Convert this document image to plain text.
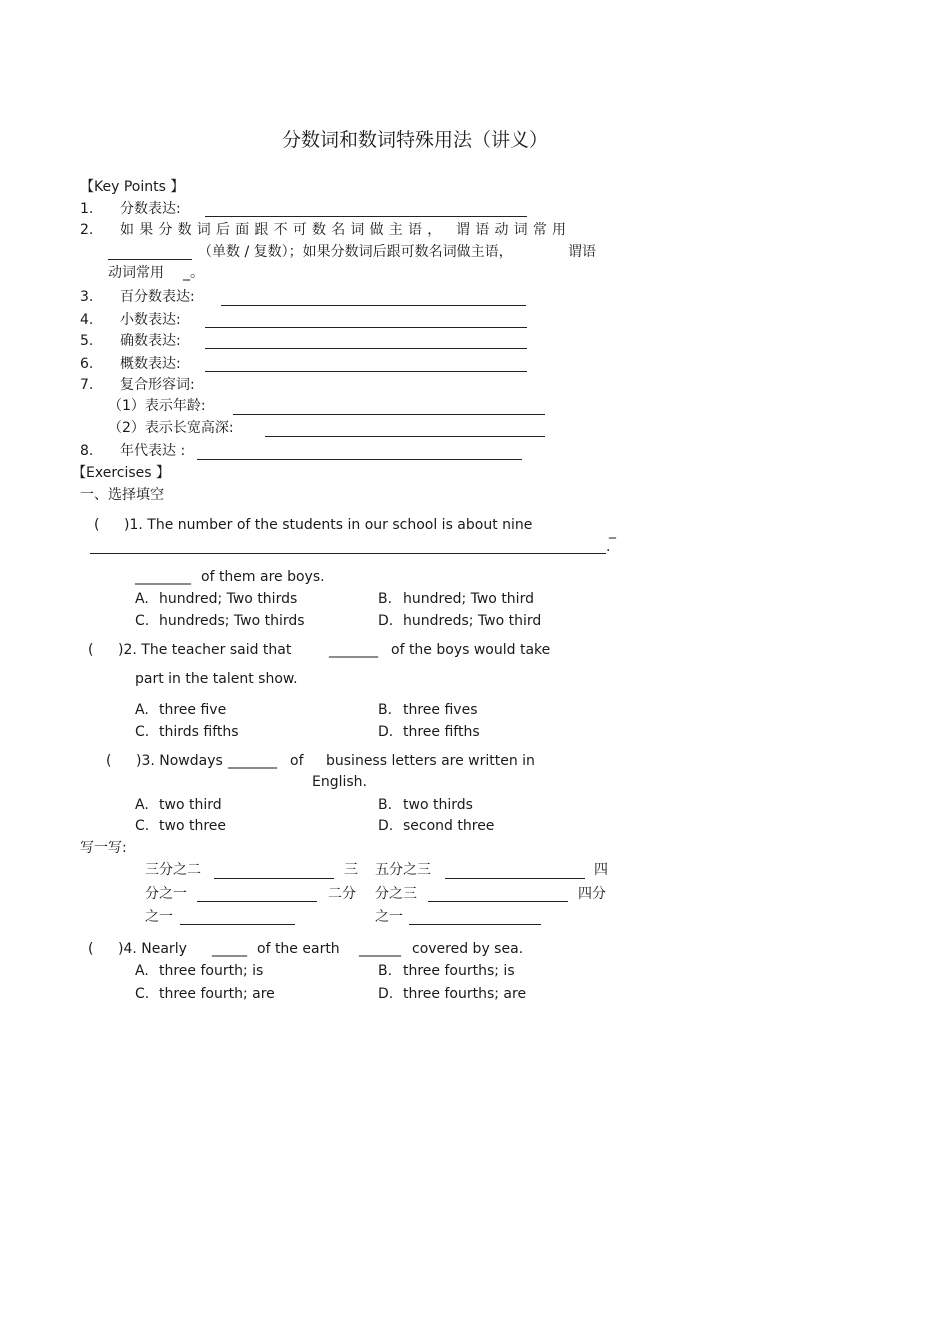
分数词和数词特殊用法（讲义）
【Key Points 】
1. 分数表达:
2. 如果分数词后面跟不可数名词做主语， 谓语动词常用
（单数 / 复数）；如果分数词后跟可数名词做主语，	谓语
动词常用 _。
3. 百分数表达:
4. 小数表达:
5. 确数表达:
6. 概数表达:
7. 复合形容词:
（1）表示年龄:
（2）表示长宽高深:
8. 年代表达 :
【Exercises 】
一、选择填空
( )1. The number of the students in our school is about nine	_
.
________ of them are boys.
A. hundred; Two thirds	B. hundred; Two third
C. hundreds; Two thirds	D. hundreds; Two third
( )2. The teacher said that	_______ of the boys would take
part in the talent show.
A. three five	B. three fives
C. thirds fifths	D. three fifths
( )3. Nowdays _______ of business letters are written in
English.
A. two third	B. two thirds
C. two three	D. second three
写一写:
三分之二	三 五分之三	四
分之一	二分 分之三	四分
之一	之一
( )4. Nearly _____ of the earth ______ covered by sea.
A. three fourth; is	B. three fourths; is
C. three fourth; are	D. three fourths; are
